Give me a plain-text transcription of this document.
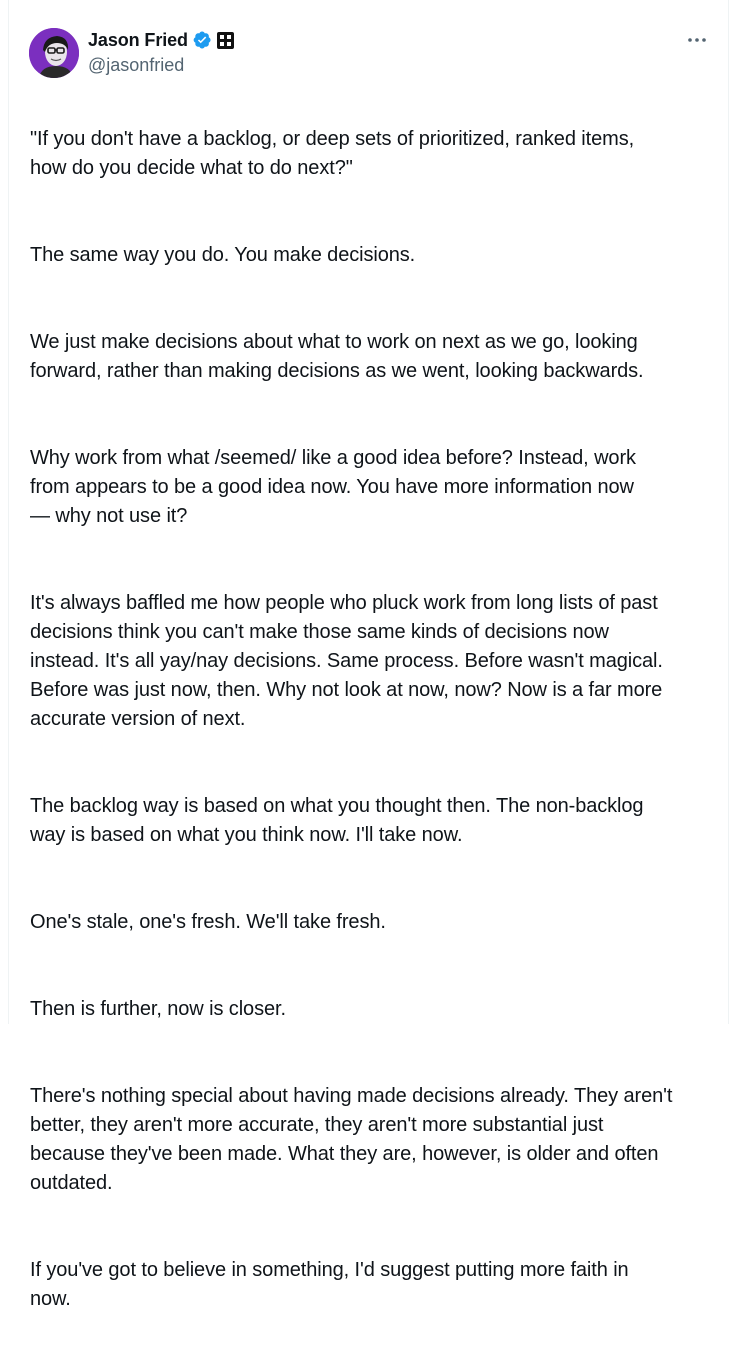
Jason Fried
@jasonfried

"If you don't have a backlog, or deep sets of prioritized, ranked items,
how do you decide what to do next?"

The same way you do. You make decisions.

We just make decisions about what to work on next as we go, looking
forward, rather than making decisions as we went, looking backwards.

Why work from what /seemed/ like a good idea before? Instead, work
from appears to be a good idea now. You have more information now
— why not use it?

It's always baffled me how people who pluck work from long lists of past
decisions think you can't make those same kinds of decisions now
instead. It's all yay/nay decisions. Same process. Before wasn't magical.
Before was just now, then. Why not look at now, now? Now is a far more
accurate version of next.

The backlog way is based on what you thought then. The non-backlog
way is based on what you think now. I'll take now.

One's stale, one's fresh. We'll take fresh.

Then is further, now is closer.

There's nothing special about having made decisions already. They aren't
better, they aren't more accurate, they aren't more substantial just
because they've been made. What they are, however, is older and often
outdated.

If you've got to believe in something, I'd suggest putting more faith in
now.
